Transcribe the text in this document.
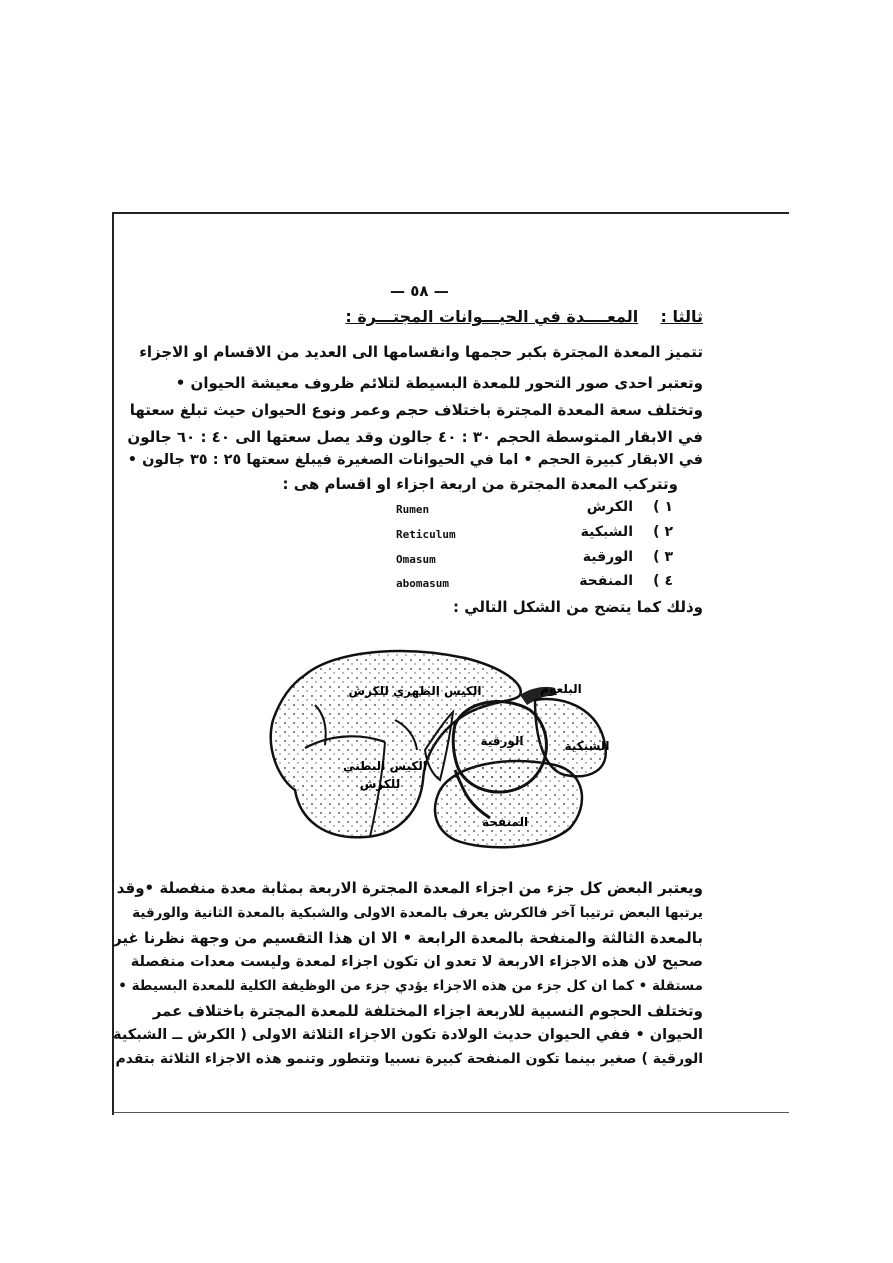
— ٥٨ —
ثالثا :    المعــــدة في الحيـــوانات المجتـــرة :
تتميز المعدة المجترة بكبر حجمها وانقسامها الى العديد من الاقسام او الاجزاء
وتعتبر احدى صور التحور للمعدة البسيطة لتلائم ظروف معيشة الحيوان •
وتختلف سعة المعدة المجترة باختلاف حجم وعمر ونوع الحيوان حيث تبلغ سعتها
في الابقار المتوسطة الحجم ٣٠ : ٤٠ جالون وقد يصل سعتها الى ٤٠ : ٦٠ جالون
في الابقار كبيرة الحجم • اما في الحيوانات الصغيرة فيبلغ سعتها ٢٥ : ٣٥ جالون •
وتتركب المعدة المجترة من اربعة اجزاء او اقسام هى :
١ )
الكرش
Rumen
٢ )
الشبكية
Reticulum
٣ )
الورقية
Omasum
٤ )
المنفحة
abomasum
وذلك كما يتضح من الشكل التالي :
الكيس الظهري للكرش	البلعوم
الورقية	الشبكية
الكيس البطني
للكرش
المنفحة
ويعتبر البعض كل جزء من اجزاء المعدة المجترة الاربعة بمثابة معدة منفصلة •وقد
يرتبها البعض ترتيبا آخر فالكرش يعرف بالمعدة الاولى والشبكية بالمعدة الثانية والورقية
بالمعدة الثالثة والمنفحة بالمعدة الرابعة • الا ان هذا التقسيم من وجهة نظرنا غير
صحيح لان هذه الاجزاء الاربعة لا تعدو ان تكون اجزاء لمعدة وليست معدات منفصلة
مستقلة • كما ان كل جزء من هذه الاجزاء يؤدي جزء من الوظيفة الكلية للمعدة البسيطة •
وتختلف الحجوم النسبية للاربعة اجزاء المختلفة للمعدة المجترة باختلاف عمر
الحيوان • ففي الحيوان حديث الولادة تكون الاجزاء الثلاثة الاولى ( الكرش ــ الشبكية
الورقية ) صغير بينما تكون المنفحة كبيرة نسبيا وتتطور وتنمو هذه الاجزاء الثلاثة بتقدم
